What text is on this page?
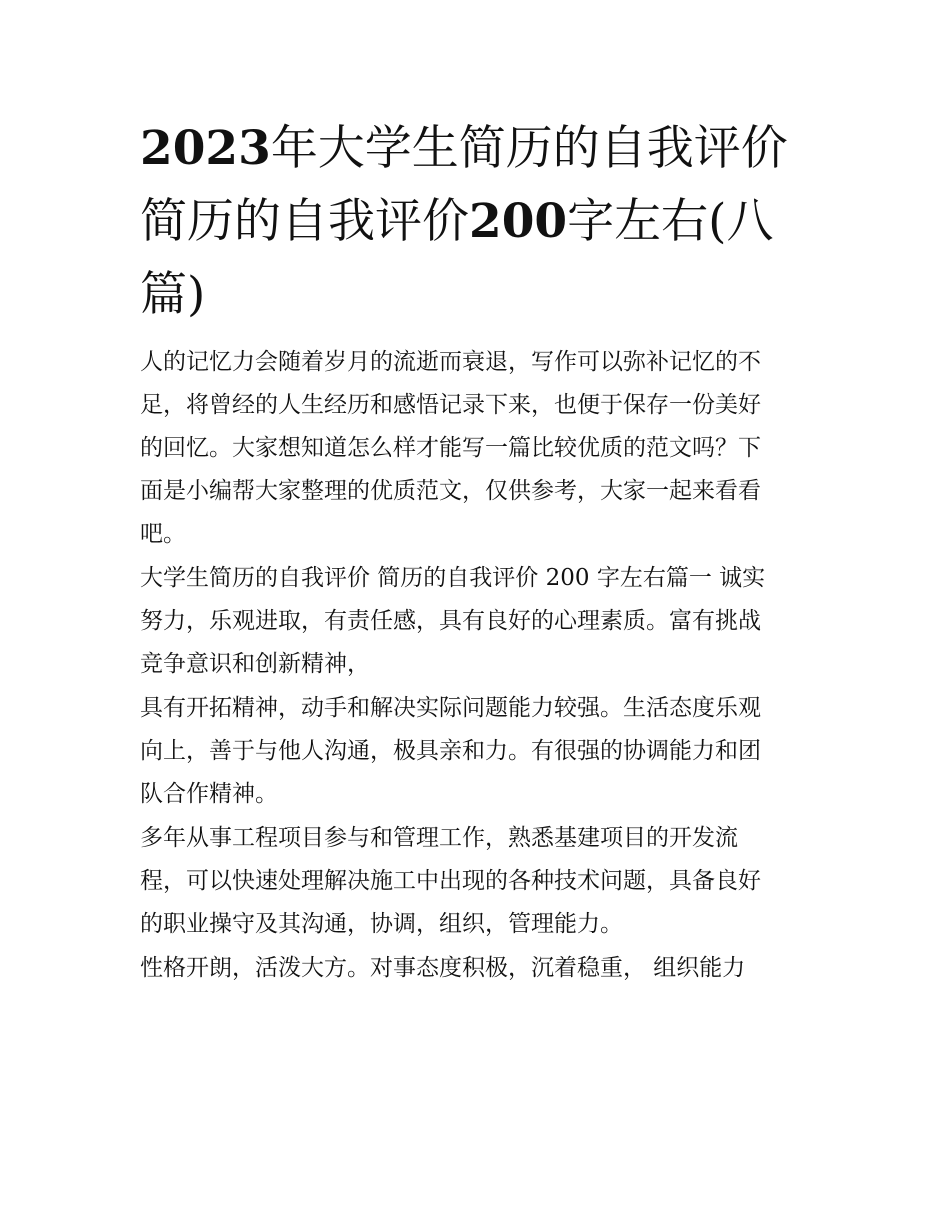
2023年大学生简历的自我评价
简历的自我评价200字左右(八
篇)

人的记忆力会随着岁月的流逝而衰退，写作可以弥补记忆的不
足，将曾经的人生经历和感悟记录下来，也便于保存一份美好
的回忆。大家想知道怎么样才能写一篇比较优质的范文吗？下
面是小编帮大家整理的优质范文，仅供参考，大家一起来看看
吧。

大学生简历的自我评价 简历的自我评价 200 字左右篇一 诚实
努力，乐观进取，有责任感，具有良好的心理素质。富有挑战
竞争意识和创新精神，

具有开拓精神，动手和解决实际问题能力较强。生活态度乐观
向上，善于与他人沟通，极具亲和力。有很强的协调能力和团
队合作精神。

多年从事工程项目参与和管理工作，熟悉基建项目的开发流
程，可以快速处理解决施工中出现的各种技术问题，具备良好
的职业操守及其沟通，协调，组织，管理能力。

性格开朗，活泼大方。对事态度积极，沉着稳重， 组织能力
